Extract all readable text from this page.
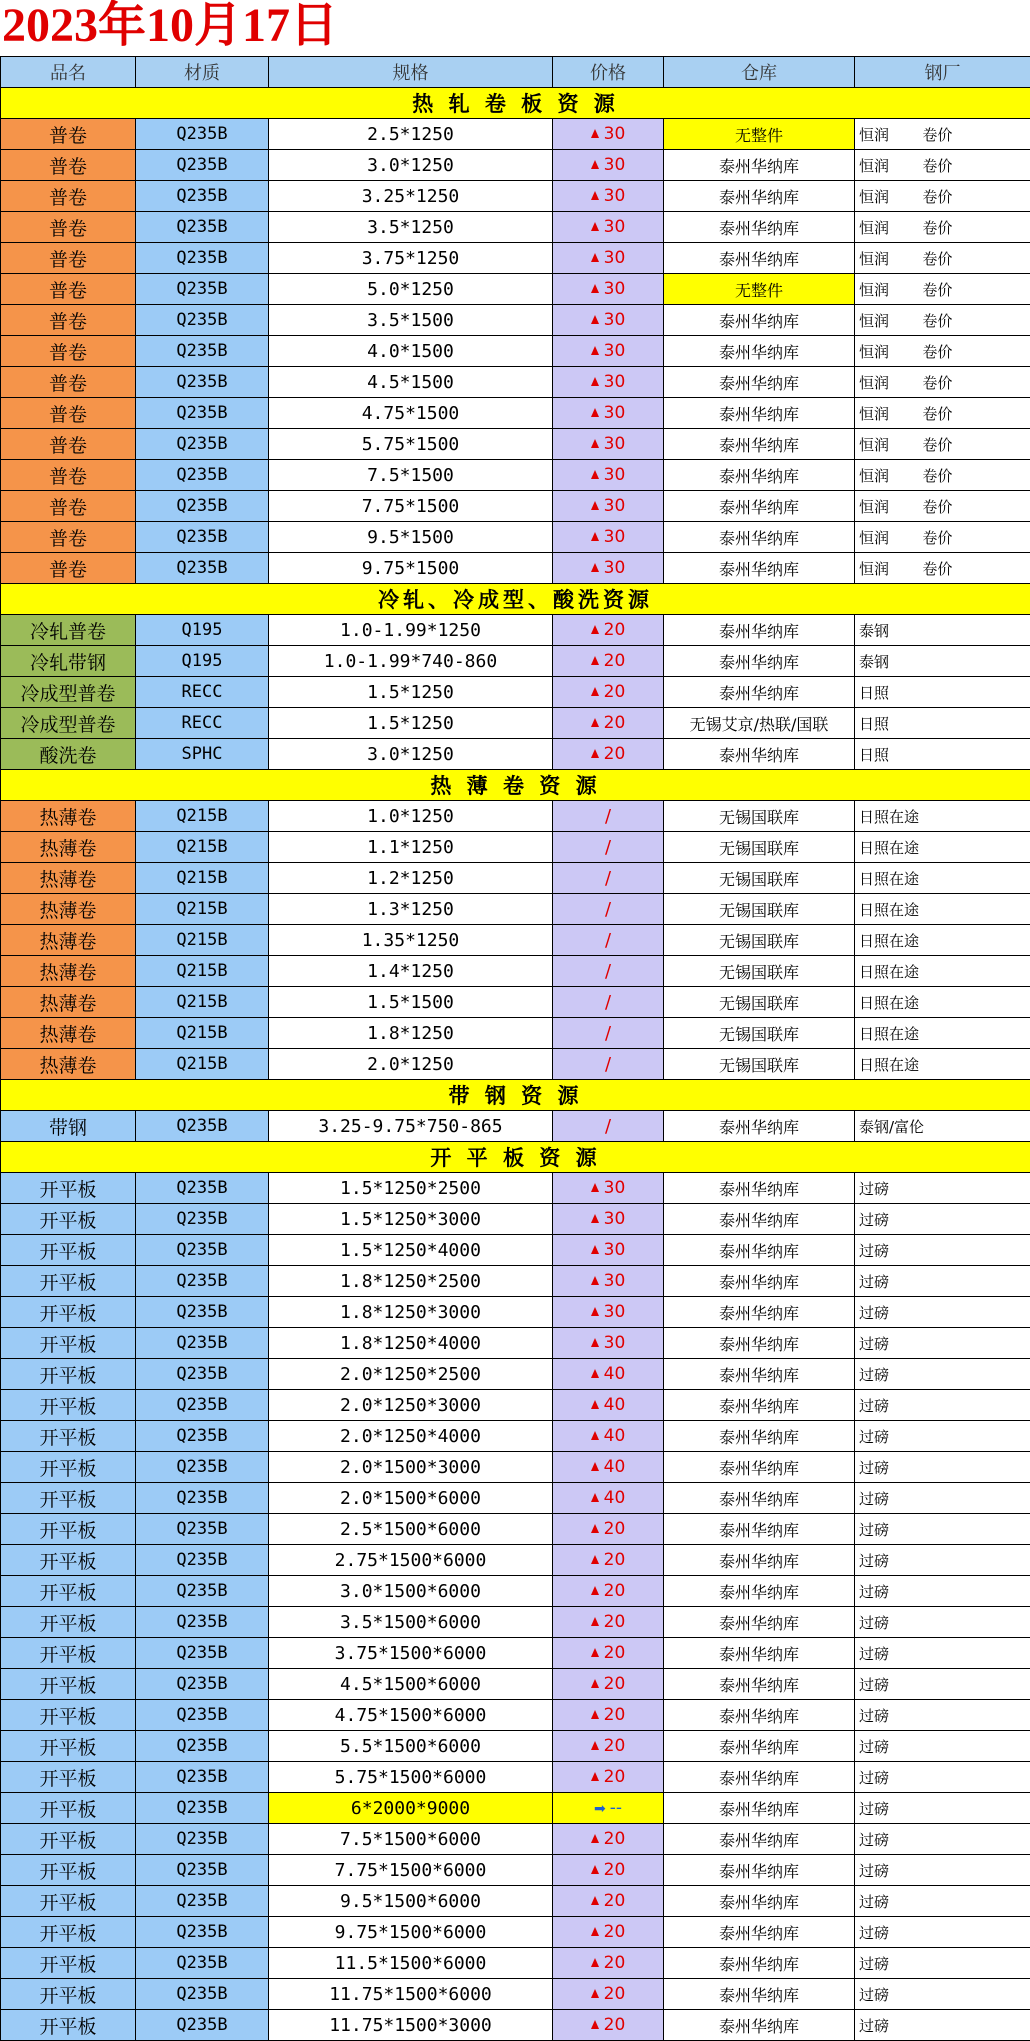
2023年10月17日
品名	材质	规格	价格	仓库	钢厂
热 轧 卷 板 资 源					
普卷	Q235B	2.5*1250	30	无整件	恒润       卷价
普卷	Q235B	3.0*1250	30	泰州华纳库	恒润       卷价
普卷	Q235B	3.25*1250	30	泰州华纳库	恒润       卷价
普卷	Q235B	3.5*1250	30	泰州华纳库	恒润       卷价
普卷	Q235B	3.75*1250	30	泰州华纳库	恒润       卷价
普卷	Q235B	5.0*1250	30	无整件	恒润       卷价
普卷	Q235B	3.5*1500	30	泰州华纳库	恒润       卷价
普卷	Q235B	4.0*1500	30	泰州华纳库	恒润       卷价
普卷	Q235B	4.5*1500	30	泰州华纳库	恒润       卷价
普卷	Q235B	4.75*1500	30	泰州华纳库	恒润       卷价
普卷	Q235B	5.75*1500	30	泰州华纳库	恒润       卷价
普卷	Q235B	7.5*1500	30	泰州华纳库	恒润       卷价
普卷	Q235B	7.75*1500	30	泰州华纳库	恒润       卷价
普卷	Q235B	9.5*1500	30	泰州华纳库	恒润       卷价
普卷	Q235B	9.75*1500	30	泰州华纳库	恒润       卷价
冷轧、冷成型、酸洗资源					
冷轧普卷	Q195	1.0-1.99*1250	20	泰州华纳库	泰钢
冷轧带钢	Q195	1.0-1.99*740-860	20	泰州华纳库	泰钢
冷成型普卷	RECC	1.5*1250	20	泰州华纳库	日照
冷成型普卷	RECC	1.5*1250	20	无锡艾京/热联/国联	日照
酸洗卷	SPHC	3.0*1250	20	泰州华纳库	日照
热 薄 卷 资 源					
热薄卷	Q215B	1.0*1250	/	无锡国联库	日照在途
热薄卷	Q215B	1.1*1250	/	无锡国联库	日照在途
热薄卷	Q215B	1.2*1250	/	无锡国联库	日照在途
热薄卷	Q215B	1.3*1250	/	无锡国联库	日照在途
热薄卷	Q215B	1.35*1250	/	无锡国联库	日照在途
热薄卷	Q215B	1.4*1250	/	无锡国联库	日照在途
热薄卷	Q215B	1.5*1500	/	无锡国联库	日照在途
热薄卷	Q215B	1.8*1250	/	无锡国联库	日照在途
热薄卷	Q215B	2.0*1250	/	无锡国联库	日照在途
带 钢 资 源					
带钢	Q235B	3.25-9.75*750-865	/	泰州华纳库	泰钢/富伦
开 平 板 资 源					
开平板	Q235B	1.5*1250*2500	30	泰州华纳库	过磅
开平板	Q235B	1.5*1250*3000	30	泰州华纳库	过磅
开平板	Q235B	1.5*1250*4000	30	泰州华纳库	过磅
开平板	Q235B	1.8*1250*2500	30	泰州华纳库	过磅
开平板	Q235B	1.8*1250*3000	30	泰州华纳库	过磅
开平板	Q235B	1.8*1250*4000	30	泰州华纳库	过磅
开平板	Q235B	2.0*1250*2500	40	泰州华纳库	过磅
开平板	Q235B	2.0*1250*3000	40	泰州华纳库	过磅
开平板	Q235B	2.0*1250*4000	40	泰州华纳库	过磅
开平板	Q235B	2.0*1500*3000	40	泰州华纳库	过磅
开平板	Q235B	2.0*1500*6000	40	泰州华纳库	过磅
开平板	Q235B	2.5*1500*6000	20	泰州华纳库	过磅
开平板	Q235B	2.75*1500*6000	20	泰州华纳库	过磅
开平板	Q235B	3.0*1500*6000	20	泰州华纳库	过磅
开平板	Q235B	3.5*1500*6000	20	泰州华纳库	过磅
开平板	Q235B	3.75*1500*6000	20	泰州华纳库	过磅
开平板	Q235B	4.5*1500*6000	20	泰州华纳库	过磅
开平板	Q235B	4.75*1500*6000	20	泰州华纳库	过磅
开平板	Q235B	5.5*1500*6000	20	泰州华纳库	过磅
开平板	Q235B	5.75*1500*6000	20	泰州华纳库	过磅
开平板	Q235B	6*2000*9000	➡ --	泰州华纳库	过磅
开平板	Q235B	7.5*1500*6000	20	泰州华纳库	过磅
开平板	Q235B	7.75*1500*6000	20	泰州华纳库	过磅
开平板	Q235B	9.5*1500*6000	20	泰州华纳库	过磅
开平板	Q235B	9.75*1500*6000	20	泰州华纳库	过磅
开平板	Q235B	11.5*1500*6000	20	泰州华纳库	过磅
开平板	Q235B	11.75*1500*6000	20	泰州华纳库	过磅
开平板	Q235B	11.75*1500*3000	20	泰州华纳库	过磅
